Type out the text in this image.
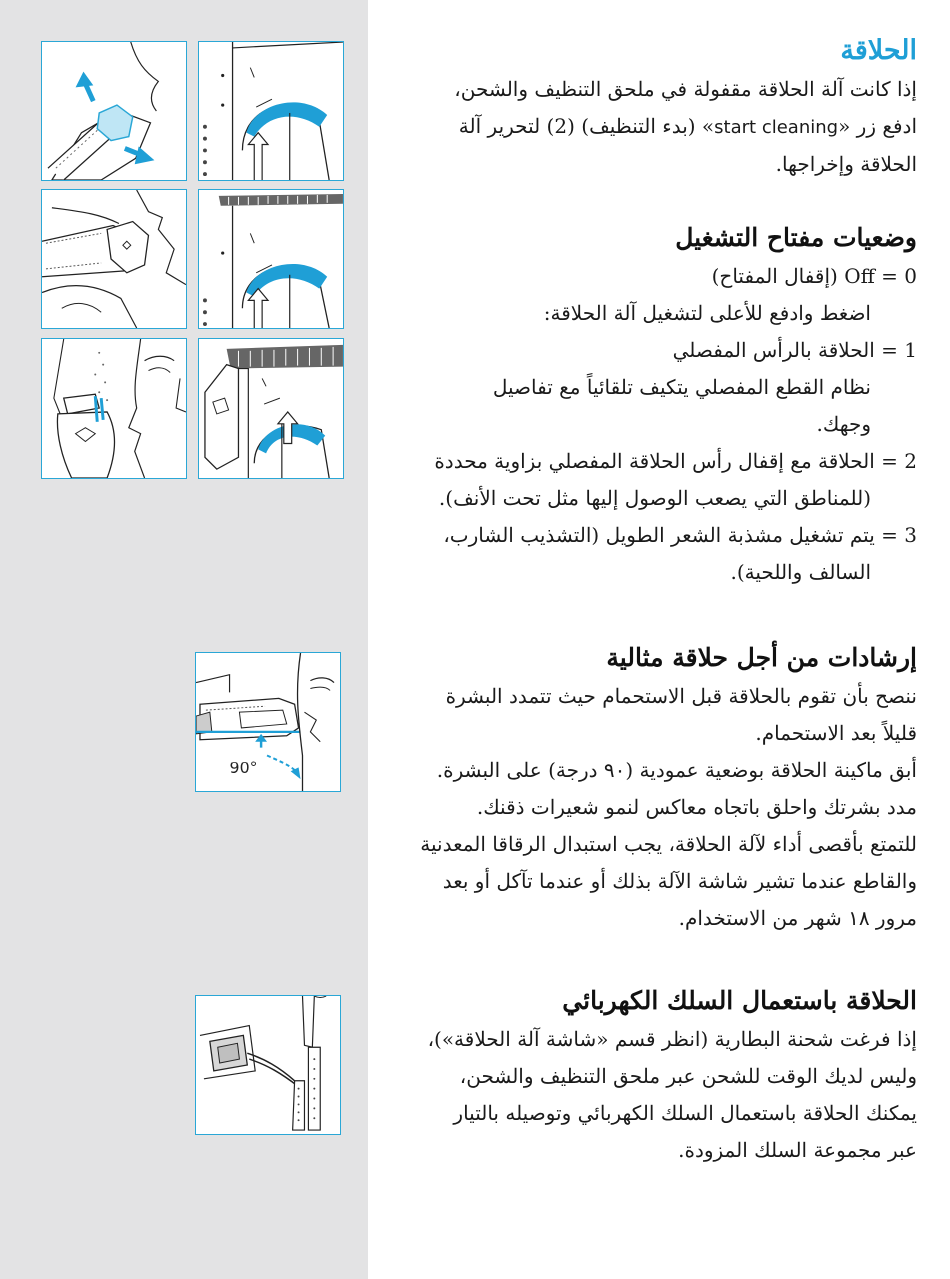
90°
الحلاقة

إذا كانت آلة الحلاقة مقفولة في ملحق التنظيف والشحن،

ادفع زر «start cleaning» (بدء التنظيف) (2) لتحرير آلة

الحلاقة وإخراجها.

وضعيات مفتاح التشغيل

Off = 0 (إقفال المفتاح)

اضغط وادفع للأعلى لتشغيل آلة الحلاقة:

1 = الحلاقة بالرأس المفصلي

نظام القطع المفصلي يتكيف تلقائياً مع تفاصيل

وجهك.

2 = الحلاقة مع إقفال رأس الحلاقة المفصلي بزاوية محددة

(للمناطق التي يصعب الوصول إليها مثل تحت الأنف).

3 = يتم تشغيل مشذبة الشعر الطويل (التشذيب الشارب،

السالف واللحية).

إرشادات من أجل حلاقة مثالية

ننصح بأن تقوم بالحلاقة قبل الاستحمام حيث تتمدد البشرة

قليلاً بعد الاستحمام.

أبق ماكينة الحلاقة بوضعية عمودية (٩٠ درجة) على البشرة.

مدد بشرتك واحلق باتجاه معاكس لنمو شعيرات ذقنك.

للتمتع بأقصى أداء لآلة الحلاقة، يجب استبدال الرقاقا المعدنية

والقاطع عندما تشير شاشة الآلة بذلك أو عندما تآكل أو بعد

مرور ١٨ شهر من الاستخدام.

الحلاقة باستعمال السلك الكهربائي

إذا فرغت شحنة البطارية (انظر قسم «شاشة آلة الحلاقة»)،

وليس لديك الوقت للشحن عبر ملحق التنظيف والشحن،

يمكنك الحلاقة باستعمال السلك الكهربائي وتوصيله بالتيار

عبر مجموعة السلك المزودة.
